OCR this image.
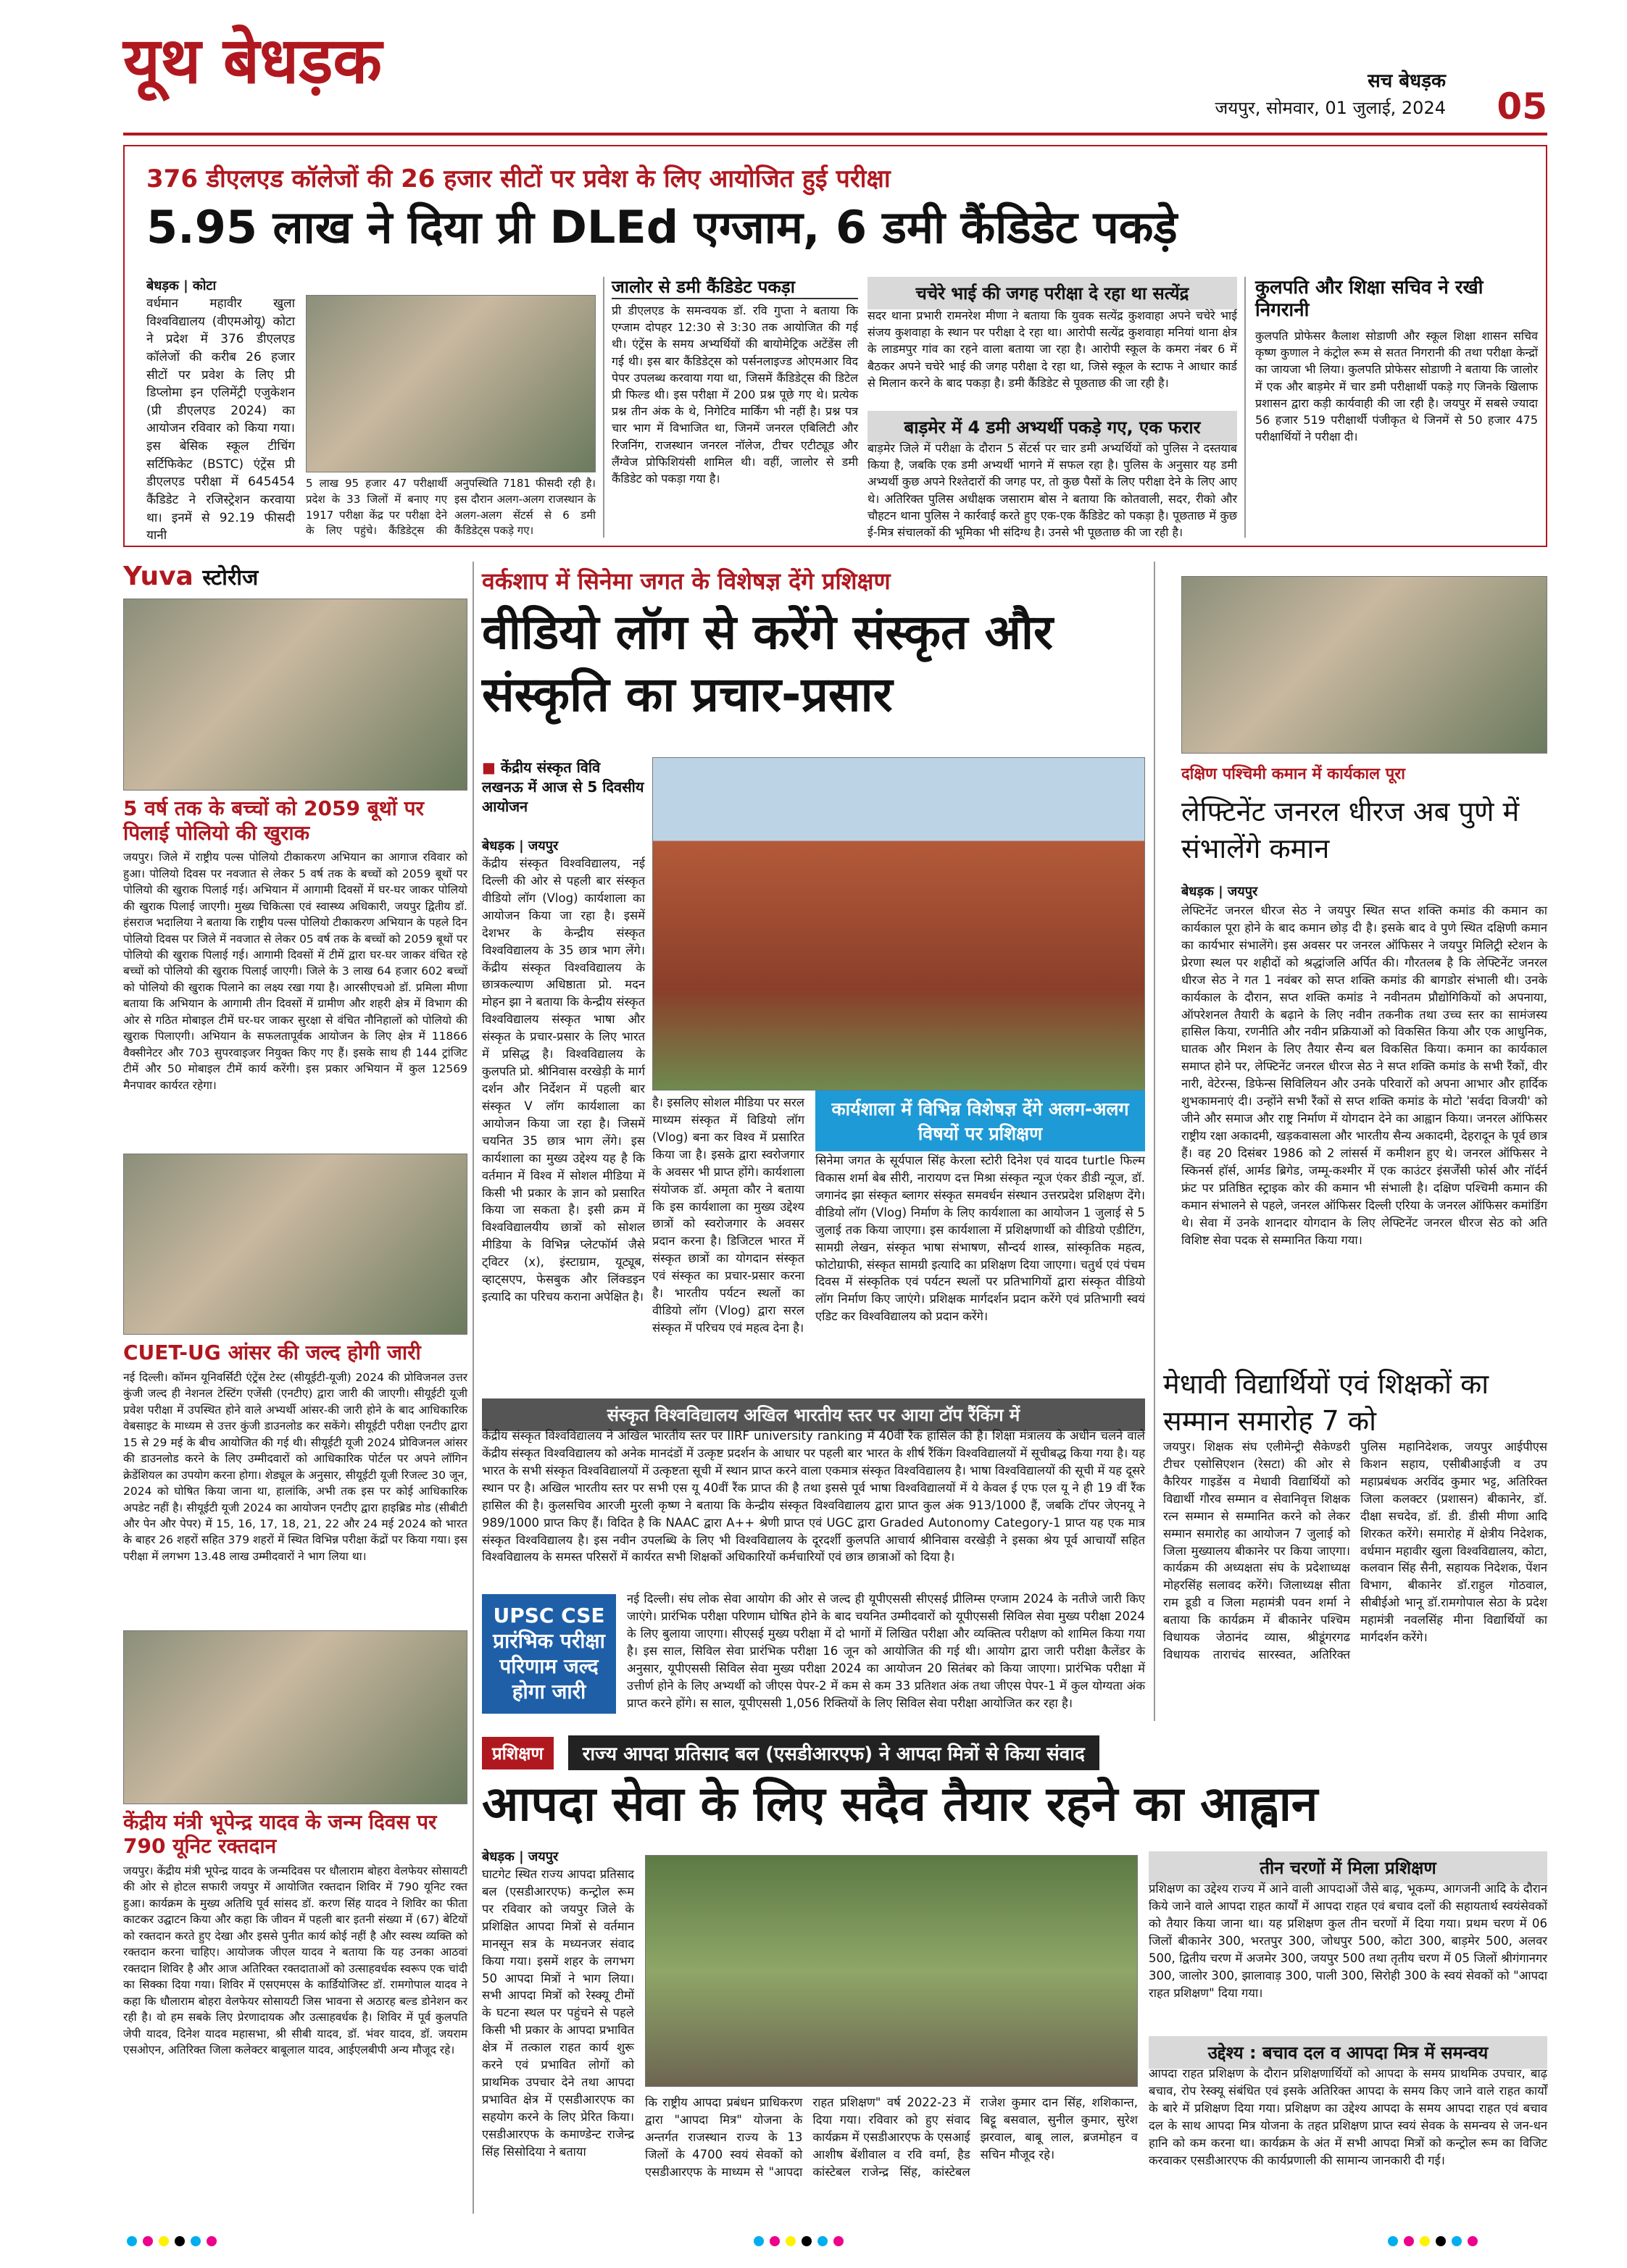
यूथ बेधड़क	सच बेधड़क
जयपुर, सोमवार, 01 जुलाई, 2024 05
376 डीएलएड कॉलेजों की 26 हजार सीटों पर प्रवेश के लिए आयोजित हुई परीक्षा
5.95 लाख ने दिया प्री DLEd एग्जाम, 6 डमी कैंडिडेट पकड़े
बेधड़क | कोटा
वर्धमान महावीर खुला विश्वविद्यालय (वीएमओयू) कोटा ने प्रदेश में 376 डीएलएड कॉलेजों की करीब 26 हजार सीटों पर प्रवेश के लिए प्री डिप्लोमा इन एलिमेंट्री एजुकेशन (प्री डीएलएड 2024) का आयोजन रविवार को किया गया। इस बेसिक स्कूल टीचिंग सर्टिफिकेट (BSTC) एंट्रेंस प्री डीएलएड परीक्षा में 645454 कैंडिडेट ने रजिस्ट्रेशन करवाया था। इनमें से 92.19 फीसदी यानी
5 लाख 95 हजार 47 परीक्षार्थी प्रदेश के 33 जिलों में बनाए गए 1917 परीक्षा केंद्र पर परीक्षा देने के लिए पहुंचे। कैंडिडेट्स की अनुपस्थिति 7181 फीसदी रही है। इस दौरान अलग-अलग राजस्थान के अलग-अलग सेंटर्स से 6 डमी कैंडिडेट्स पकड़े गए।
जालोर से डमी कैंडिडेट पकड़ा
प्री डीएलएड के समन्वयक डॉ. रवि गुप्ता ने बताया कि एग्जाम दोपहर 12:30 से 3:30 तक आयोजित की गई थी। एंट्रेंस के समय अभ्यर्थियों की बायोमेट्रिक अटेंडेंस ली गई थी। इस बार कैंडिडेट्स को पर्सनलाइज्ड ओएमआर विद पेपर उपलब्ध करवाया गया था, जिसमें कैंडिडेट्स की डिटेल प्री फिल्ड थी। इस परीक्षा में 200 प्रश्न पूछे गए थे। प्रत्येक प्रश्न तीन अंक के थे, निगेटिव मार्किंग भी नहीं है। प्रश्न पत्र चार भाग में विभाजित था, जिनमें जनरल एबिलिटी और रिजनिंग, राजस्थान जनरल नॉलेज, टीचर एटीट्यूड और लैंग्वेज प्रोफिशियंसी शामिल थी। वहीं, जालोर से डमी कैंडिडेट को पकड़ा गया है।
चचेरे भाई की जगह परीक्षा दे रहा था सत्येंद्र
सदर थाना प्रभारी रामनरेश मीणा ने बताया कि युवक सत्येंद्र कुशवाहा अपने चचेरे भाई संजय कुशवाहा के स्थान पर परीक्षा दे रहा था। आरोपी सत्येंद्र कुशवाहा मनियां थाना क्षेत्र के लाडमपुर गांव का रहने वाला बताया जा रहा है। आरोपी स्कूल के कमरा नंबर 6 में बैठकर अपने चचेरे भाई की जगह परीक्षा दे रहा था, जिसे स्कूल के स्टाफ ने आधार कार्ड से मिलान करने के बाद पकड़ा है। डमी कैंडिडेट से पूछताछ की जा रही है।
बाड़मेर में 4 डमी अभ्यर्थी पकड़े गए, एक फरार
बाड़मेर जिले में परीक्षा के दौरान 5 सेंटर्स पर चार डमी अभ्यर्थियों को पुलिस ने दस्तयाब किया है, जबकि एक डमी अभ्यर्थी भागने में सफल रहा है। पुलिस के अनुसार यह डमी अभ्यर्थी कुछ अपने रिश्तेदारों की जगह पर, तो कुछ पैसों के लिए परीक्षा देने के लिए आए थे। अतिरिक्त पुलिस अधीक्षक जसाराम बोस ने बताया कि कोतवाली, सदर, रीको और चौहटन थाना पुलिस ने कार्रवाई करते हुए एक-एक कैंडिडेट को पकड़ा है। पूछताछ में कुछ ई-मित्र संचालकों की भूमिका भी संदिग्ध है। उनसे भी पूछताछ की जा रही है।
कुलपति और शिक्षा सचिव ने रखी निगरानी
कुलपति प्रोफेसर कैलाश सोडाणी और स्कूल शिक्षा शासन सचिव कृष्ण कुणाल ने कंट्रोल रूम से सतत निगरानी की तथा परीक्षा केन्द्रों का जायजा भी लिया। कुलपति प्रोफेसर सोडाणी ने बताया कि जालोर में एक और बाड़मेर में चार डमी परीक्षार्थी पकड़े गए जिनके खिलाफ प्रशासन द्वारा कड़ी कार्यवाही की जा रही है। जयपुर में सबसे ज्यादा 56 हजार 519 परीक्षार्थी पंजीकृत थे जिनमें से 50 हजार 475 परीक्षार्थियों ने परीक्षा दी।
Yuva स्टोरीज
5 वर्ष तक के बच्चों को 2059 बूथों पर पिलाई पोलियो की खुराक
जयपुर। जिले में राष्ट्रीय पल्स पोलियो टीकाकरण अभियान का आगाज रविवार को हुआ। पोलियो दिवस पर नवजात से लेकर 5 वर्ष तक के बच्चों को 2059 बूथों पर पोलियो की खुराक पिलाई गई। अभियान में आगामी दिवसों में घर-घर जाकर पोलियो की खुराक पिलाई जाएगी। मुख्य चिकित्सा एवं स्वास्थ्य अधिकारी, जयपुर द्वितीय डॉ. हंसराज भदालिया ने बताया कि राष्ट्रीय पल्स पोलियो टीकाकरण अभियान के पहले दिन पोलियो दिवस पर जिले में नवजात से लेकर 05 वर्ष तक के बच्चों को 2059 बूथों पर पोलियो की खुराक पिलाई गई। आगामी दिवसों में टीमें द्वारा घर-घर जाकर वंचित रहे बच्चों को पोलियो की खुराक पिलाई जाएगी। जिले के 3 लाख 64 हजार 602 बच्चों को पोलियो की खुराक पिलाने का लक्ष्य रखा गया है। आरसीएचओ डॉ. प्रमिला मीणा बताया कि अभियान के आगामी तीन दिवसों में ग्रामीण और शहरी क्षेत्र में विभाग की ओर से गठित मोबाइल टीमें घर-घर जाकर सुरक्षा से वंचित नौनिहालों को पोलियो की खुराक पिलाएगी। अभियान के सफलतापूर्वक आयोजन के लिए क्षेत्र में 11866 वैक्सीनेटर और 703 सुपरवाइजर नियुक्त किए गए हैं। इसके साथ ही 144 ट्रांजिट टीमें और 50 मोबाइल टीमें कार्य करेंगी। इस प्रकार अभियान में कुल 12569 मैनपावर कार्यरत रहेगा।
CUET-UG आंसर की जल्द होगी जारी
नई दिल्ली। कॉमन यूनिवर्सिटी एंट्रेंस टेस्ट (सीयूईटी-यूजी) 2024 की प्रोविजनल उत्तर कुंजी जल्द ही नेशनल टेस्टिंग एजेंसी (एनटीए) द्वारा जारी की जाएगी। सीयूईटी यूजी प्रवेश परीक्षा में उपस्थित होने वाले अभ्यर्थी आंसर-की जारी होने के बाद आधिकारिक वेबसाइट के माध्यम से उत्तर कुंजी डाउनलोड कर सकेंगे। सीयूईटी परीक्षा एनटीए द्वारा 15 से 29 मई के बीच आयोजित की गई थी। सीयूईटी यूजी 2024 प्रोविजनल आंसर की डाउनलोड करने के लिए उम्मीदवारों को आधिकारिक पोर्टल पर अपने लॉगिन क्रेडेंशियल का उपयोग करना होगा। शेड्यूल के अनुसार, सीयूईटी यूजी रिजल्ट 30 जून, 2024 को घोषित किया जाना था, हालांकि, अभी तक इस पर कोई आधिकारिक अपडेट नहीं है। सीयूईटी यूजी 2024 का आयोजन एनटीए द्वारा हाइब्रिड मोड (सीबीटी और पेन और पेपर) में 15, 16, 17, 18, 21, 22 और 24 मई 2024 को भारत के बाहर 26 शहरों सहित 379 शहरों में स्थित विभिन्न परीक्षा केंद्रों पर किया गया। इस परीक्षा में लगभग 13.48 लाख उम्मीदवारों ने भाग लिया था।
केंद्रीय मंत्री भूपेन्द्र यादव के जन्म दिवस पर 790 यूनिट रक्तदान
जयपुर। केंद्रीय मंत्री भूपेन्द्र यादव के जन्मदिवस पर धौलाराम बोहरा वेलफेयर सोसायटी की ओर से होटल सफारी जयपुर में आयोजित रक्तदान शिविर में 790 यूनिट रक्त हुआ। कार्यक्रम के मुख्य अतिथि पूर्व सांसद डॉ. करण सिंह यादव ने शिविर का फीता काटकर उद्घाटन किया और कहा कि जीवन में पहली बार इतनी संख्या में (67) बेटियों को रक्तदान करते हुए देखा और इससे पुनीत कार्य कोई नहीं है और स्वस्थ व्यक्ति को रक्तदान करना चाहिए। आयोजक जीएल यादव ने बताया कि यह उनका आठवां रक्तदान शिविर है और आज अतिरिक्त रक्तदाताओं को उत्साहवर्धक स्वरूप एक चांदी का सिक्का दिया गया। शिविर में एसएमएस के कार्डियोजिस्ट डॉ. रामगोपाल यादव ने कहा कि धौलाराम बोहरा वेलफेयर सोसायटी जिस भावना से अठारह बल्ड डोनेशन कर रही है। वो हम सबके लिए प्रेरणादायक और उत्साहवर्धक है। शिविर में पूर्व कुलपति जेपी यादव, दिनेश यादव महासभा, श्री सीबी यादव, डॉ. भंवर यादव, डॉ. जयराम एसओएन, अतिरिक्त जिला कलेक्टर बाबूलाल यादव, आईएलबीपी अन्य मौजूद रहे।
वर्कशाप में सिनेमा जगत के विशेषज्ञ देंगे प्रशिक्षण
वीडियो लॉग से करेंगे संस्कृत और संस्कृति का प्रचार-प्रसार
■ केंद्रीय संस्कृत विवि लखनऊ में आज से 5 दिवसीय आयोजन
बेधड़क | जयपुर
केंद्रीय संस्कृत विश्वविद्यालय, नई दिल्ली की ओर से पहली बार संस्कृत वीडियो लॉग (Vlog) कार्यशाला का आयोजन किया जा रहा है। इसमें देशभर के केन्द्रीय संस्कृत विश्वविद्यालय के 35 छात्र भाग लेंगे। केंद्रीय संस्कृत विश्वविद्यालय के छात्रकल्याण अधिष्ठाता प्रो. मदन मोहन झा ने बताया कि केन्द्रीय संस्कृत विश्वविद्यालय संस्कृत भाषा और संस्कृत के प्रचार-प्रसार के लिए भारत में प्रसिद्ध है। विश्वविद्यालय के कुलपति प्रो. श्रीनिवास वरखेड़ी के मार्ग दर्शन और निर्देशन में पहली बार संस्कृत V लॉग कार्यशाला का आयोजन किया जा रहा है। जिसमें चयनित 35 छात्र भाग लेंगे। इस कार्यशाला का मुख्य उद्देश्य यह है कि वर्तमान में विश्व में सोशल मीडिया में किसी भी प्रकार के ज्ञान को प्रसारित किया जा सकता है। इसी क्रम में विश्वविद्यालयीय छात्रों को सोशल मीडिया के विभिन्न प्लेटफॉर्म जैसे ट्विटर (x), इंस्टाग्राम, यूट्यूब, व्हाट्सएप, फेसबुक और लिंक्डइन इत्यादि का परिचय कराना अपेक्षित है।
है। इसलिए सोशल मीडिया पर सरल माध्यम संस्कृत में विडियो लॉग (Vlog) बना कर विश्व में प्रसारित किया जा है। इसके द्वारा स्वरोजगार के अवसर भी प्राप्त होंगे। कार्यशाला संयोजक डॉ. अमृता कौर ने बताया कि इस कार्यशाला का मुख्य उद्देश्य छात्रों को स्वरोजगार के अवसर प्रदान करना है। डिजिटल भारत में संस्कृत छात्रों का योगदान संस्कृत एवं संस्कृत का प्रचार-प्रसार करना है। भारतीय पर्यटन स्थलों का वीडियो लॉग (Vlog) द्वारा सरल संस्कृत में परिचय एवं महत्व देना है।
कार्यशाला में विभिन्न विशेषज्ञ देंगे अलग-अलग विषयों पर प्रशिक्षण
सिनेमा जगत के सूर्यपाल सिंह केरला स्टोरी दिनेश एवं यादव turtle फिल्म विकास शर्मा बेब सीरी, नारायण दत्त मिश्रा संस्कृत न्यूज एंकर डीडी न्यूज, डॉ. जगानंद झा संस्कृत ब्लागर संस्कृत समवर्धन संस्थान उत्तरप्रदेश प्रशिक्षण देंगे। वीडियो लॉग (Vlog) निर्माण के लिए कार्यशाला का आयोजन 1 जुलाई से 5 जुलाई तक किया जाएगा। इस कार्यशाला में प्रशिक्षणार्थी को वीडियो एडीटिंग, सामग्री लेखन, संस्कृत भाषा संभाषण, सौन्दर्य शास्त्र, सांस्कृतिक महत्व, फोटोग्राफी, संस्कृत सामग्री इत्यादि का प्रशिक्षण दिया जाएगा। चतुर्थ एवं पंचम दिवस में संस्कृतिक एवं पर्यटन स्थलों पर प्रतिभागियों द्वारा संस्कृत वीडियो लॉग निर्माण किए जाएंगे। प्रशिक्षक मार्गदर्शन प्रदान करेंगे एवं प्रतिभागी स्वयं एडिट कर विश्वविद्यालय को प्रदान करेंगे।
संस्कृत विश्वविद्यालय अखिल भारतीय स्तर पर आया टॉप रैंकिंग में
केंद्रीय संस्कृत विश्वविद्यालय ने अखिल भारतीय स्तर पर IIRF university ranking में 40वीं रैंक हासिल की है। शिक्षा मंत्रालय के अधीन चलने वाले केंद्रीय संस्कृत विश्वविद्यालय को अनेक मानदंडों में उत्कृष्ट प्रदर्शन के आधार पर पहली बार भारत के शीर्ष रैंकिंग विश्वविद्यालयों में सूचीबद्ध किया गया है। यह भारत के सभी संस्कृत विश्वविद्यालयों में उत्कृष्टता सूची में स्थान प्राप्त करने वाला एकमात्र संस्कृत विश्वविद्यालय है। भाषा विश्वविद्यालयों की सूची में यह दूसरे स्थान पर है। अखिल भारतीय स्तर पर सभी एस यू 40वीं रैंक प्राप्त की है तथा इससे पूर्व भाषा विश्वविद्यालयों में ये केवल ई एफ एल यू ने ही 19 वीं रैंक हासिल की है। कुलसचिव आरजी मुरली कृष्ण ने बताया कि केन्द्रीय संस्कृत विश्वविद्यालय द्वारा प्राप्त कुल अंक 913/1000 हैं, जबकि टॉपर जेएनयू ने 989/1000 प्राप्त किए हैं। विदित है कि NAAC द्वारा A++ श्रेणी प्राप्त एवं UGC द्वारा Graded Autonomy Category-1 प्राप्त यह एक मात्र संस्कृत विश्वविद्यालय है। इस नवीन उपलब्धि के लिए भी विश्वविद्यालय के दूरदर्शी कुलपति आचार्य श्रीनिवास वरखेड़ी ने इसका श्रेय पूर्व आचार्यों सहित विश्वविद्यालय के समस्त परिसरों में कार्यरत सभी शिक्षकों अधिकारियों कर्मचारियों एवं छात्र छात्राओं को दिया है।
UPSC CSE प्रारंभिक परीक्षा परिणाम जल्द होगा जारी
नई दिल्ली। संघ लोक सेवा आयोग की ओर से जल्द ही यूपीएससी सीएसई प्रीलिम्स एग्जाम 2024 के नतीजे जारी किए जाएंगे। प्रारंभिक परीक्षा परिणाम घोषित होने के बाद चयनित उम्मीदवारों को यूपीएससी सिविल सेवा मुख्य परीक्षा 2024 के लिए बुलाया जाएगा। सीएसई मुख्य परीक्षा में दो भागों में लिखित परीक्षा और व्यक्तित्व परीक्षण को शामिल किया गया है। इस साल, सिविल सेवा प्रारंभिक परीक्षा 16 जून को आयोजित की गई थी। आयोग द्वारा जारी परीक्षा कैलेंडर के अनुसार, यूपीएससी सिविल सेवा मुख्य परीक्षा 2024 का आयोजन 20 सितंबर को किया जाएगा। प्रारंभिक परीक्षा में उत्तीर्ण होने के लिए अभ्यर्थी को जीएस पेपर-2 में कम से कम 33 प्रतिशत अंक तथा जीएस पेपर-1 में कुल योग्यता अंक प्राप्त करने होंगे। स साल, यूपीएससी 1,056 रिक्तियों के लिए सिविल सेवा परीक्षा आयोजित कर रहा है।
दक्षिण पश्चिमी कमान में कार्यकाल पूरा
लेफ्टिनेंट जनरल धीरज अब पुणे में संभालेंगे कमान
बेधड़क | जयपुर
लेफ्टिनेंट जनरल धीरज सेठ ने जयपुर स्थित सप्त शक्ति कमांड की कमान का कार्यकाल पूरा होने के बाद कमान छोड़ दी है। इसके बाद वे पुणे स्थित दक्षिणी कमान का कार्यभार संभालेंगे। इस अवसर पर जनरल ऑफिसर ने जयपुर मिलिट्री स्टेशन के प्रेरणा स्थल पर शहीदों को श्रद्धांजलि अर्पित की। गौरतलब है कि लेफ्टिनेंट जनरल धीरज सेठ ने गत 1 नवंबर को सप्त शक्ति कमांड की बागडोर संभाली थी। उनके कार्यकाल के दौरान, सप्त शक्ति कमांड ने नवीनतम प्रौद्योगिकियों को अपनाया, ऑपरेशनल तैयारी के बढ़ाने के लिए नवीन तकनीक तथा उच्च स्तर का सामंजस्य हासिल किया, रणनीति और नवीन प्रक्रियाओं को विकसित किया और एक आधुनिक, घातक और मिशन के लिए तैयार सैन्य बल विकसित किया। कमान का कार्यकाल समाप्त होने पर, लेफ्टिनेंट जनरल धीरज सेठ ने सप्त शक्ति कमांड के सभी रैंकों, वीर नारी, वेटेरन्स, डिफेन्स सिविलियन और उनके परिवारों को अपना आभार और हार्दिक शुभकामनाएं दी। उन्होंने सभी रैंकों से सप्त शक्ति कमांड के मोटो 'सर्वदा विजयी' को जीने और समाज और राष्ट्र निर्माण में योगदान देने का आह्वान किया। जनरल ऑफिसर राष्ट्रीय रक्षा अकादमी, खड़कवासला और भारतीय सैन्य अकादमी, देहरादून के पूर्व छात्र हैं। वह 20 दिसंबर 1986 को 2 लांसर्स में कमीशन हुए थे। जनरल ऑफिसर ने स्किनर्स हॉर्स, आर्मड ब्रिगेड, जम्मू-कश्मीर में एक काउंटर इंसर्जेंसी फोर्स और नॉर्दर्न फ्रंट पर प्रतिष्ठित स्ट्राइक कोर की कमान भी संभाली है। दक्षिण पश्चिमी कमान की कमान संभालने से पहले, जनरल ऑफिसर दिल्ली एरिया के जनरल ऑफिसर कमांडिंग थे। सेवा में उनके शानदार योगदान के लिए लेफ्टिनेंट जनरल धीरज सेठ को अति विशिष्ट सेवा पदक से सम्मानित किया गया।
मेधावी विद्यार्थियों एवं शिक्षकों का सम्मान समारोह 7 को
जयपुर। शिक्षक संघ एलीमेन्ट्री सैकेण्डरी टीचर एसोसिएशन (रेसटा) की ओर से कैरियर गाइडेंस व मेधावी विद्यार्थियों को विद्यार्थी गौरव सम्मान व सेवानिवृत्त शिक्षक रत्न सम्मान से सम्मानित करने को लेकर सम्मान समारोह का आयोजन 7 जुलाई को जिला मुख्यालय बीकानेर पर किया जाएगा। कार्यक्रम की अध्यक्षता संघ के प्रदेशाध्यक्ष मोहरसिंह सलावद करेंगे। जिलाध्यक्ष सीता राम डूडी व जिला महामंत्री पवन शर्मा ने बताया कि कार्यक्रम में बीकानेर पश्चिम विधायक जेठानंद व्यास, श्रीडूंगरगढ विधायक ताराचंद सारस्वत, अतिरिक्त पुलिस महानिदेशक, जयपुर आईपीएस किशन सहाय, एसीबीआईजी व उप महाप्रबंधक अरविंद कुमार भट्ट, अतिरिक्त जिला कलक्टर (प्रशासन) बीकानेर, डॉ. दीक्षा सचदेव, डॉ. डी. डीसी मीणा आदि शिरकत करेंगे। समारोह में क्षेत्रीय निदेशक, वर्धमान महावीर खुला विश्वविद्यालय, कोटा, कलवान सिंह सैनी, सहायक निदेशक, पेंशन विभाग, बीकानेर डॉ.राहुल गोठवाल, सीबीईओ भानू डॉ.रामगोपाल सेठा के प्रदेश महामंत्री नवलसिंह मीना विद्यार्थियों का मार्गदर्शन करेंगे।
प्रशिक्षण	राज्य आपदा प्रतिसाद बल (एसडीआरएफ) ने आपदा मित्रों से किया संवाद
आपदा सेवा के लिए सदैव तैयार रहने का आह्वान
बेधड़क | जयपुर
घाटगेट स्थित राज्य आपदा प्रतिसाद बल (एसडीआरएफ) कन्ट्रोल रूम पर रविवार को जयपुर जिले के प्रशिक्षित आपदा मित्रों से वर्तमान मानसून सत्र के मध्यनजर संवाद किया गया। इसमें शहर के लगभग 50 आपदा मित्रों ने भाग लिया। सभी आपदा मित्रों को रेस्क्यू टीमों के घटना स्थल पर पहुंचने से पहले किसी भी प्रकार के आपदा प्रभावित क्षेत्र में तत्काल राहत कार्य शुरू करने एवं प्रभावित लोगों को प्राथमिक उपचार देने तथा आपदा प्रभावित क्षेत्र में एसडीआरएफ का सहयोग करने के लिए प्रेरित किया। एसडीआरएफ के कमाण्डेन्ट राजेन्द्र सिंह सिसोदिया ने बताया
कि राष्ट्रीय आपदा प्रबंधन प्राधिकरण द्वारा "आपदा मित्र" योजना के अन्तर्गत राजस्थान राज्य के 13 जिलों के 4700 स्वयं सेवकों को एसडीआरएफ के माध्यम से "आपदा राहत प्रशिक्षण" वर्ष 2022-23 में दिया गया। रविवार को हुए संवाद कार्यक्रम में एसडीआरएफ के एसआई आशीष बेंशीवाल व रवि वर्मा, हैड कांस्टेबल राजेन्द्र सिंह, कांस्टेबल राजेश कुमार दान सिंह, शशिकान्त, बिट्टू बसवाल, सुनील कुमार, सुरेश झरवाल, बाबू लाल, ब्रजमोहन व सचिन मौजूद रहे।
तीन चरणों में मिला प्रशिक्षण
प्रशिक्षण का उद्देश्य राज्य में आने वाली आपदाओं जैसे बाढ़, भूकम्प, आगजनी आदि के दौरान किये जाने वाले आपदा राहत कार्यों में आपदा राहत एवं बचाव दलों की सहायतार्थ स्वयंसेवकों को तैयार किया जाना था। यह प्रशिक्षण कुल तीन चरणों में दिया गया। प्रथम चरण में 06 जिलों बीकानेर 300, भरतपुर 300, जोधपुर 500, कोटा 300, बाड़मेर 500, अलवर 500, द्वितीय चरण में अजमेर 300, जयपुर 500 तथा तृतीय चरण में 05 जिलों श्रीगंगानगर 300, जालोर 300, झालावाड़ 300, पाली 300, सिरोही 300 के स्वयं सेवकों को "आपदा राहत प्रशिक्षण" दिया गया।
उद्देश्य : बचाव दल व आपदा मित्र में समन्वय
आपदा राहत प्रशिक्षण के दौरान प्रशिक्षणार्थियों को आपदा के समय प्राथमिक उपचार, बाढ़ बचाव, रोप रेस्क्यू संबंधित एवं इसके अतिरिक्त आपदा के समय किए जाने वाले राहत कार्यों के बारे में प्रशिक्षण दिया गया। प्रशिक्षण का उद्देश्य आपदा के समय आपदा राहत एवं बचाव दल के साथ आपदा मित्र योजना के तहत प्रशिक्षण प्राप्त स्वयं सेवक के समन्वय से जन-धन हानि को कम करना था। कार्यक्रम के अंत में सभी आपदा मित्रों को कन्ट्रोल रूम का विजिट करवाकर एसडीआरएफ की कार्यप्रणाली की सामान्य जानकारी दी गई।
